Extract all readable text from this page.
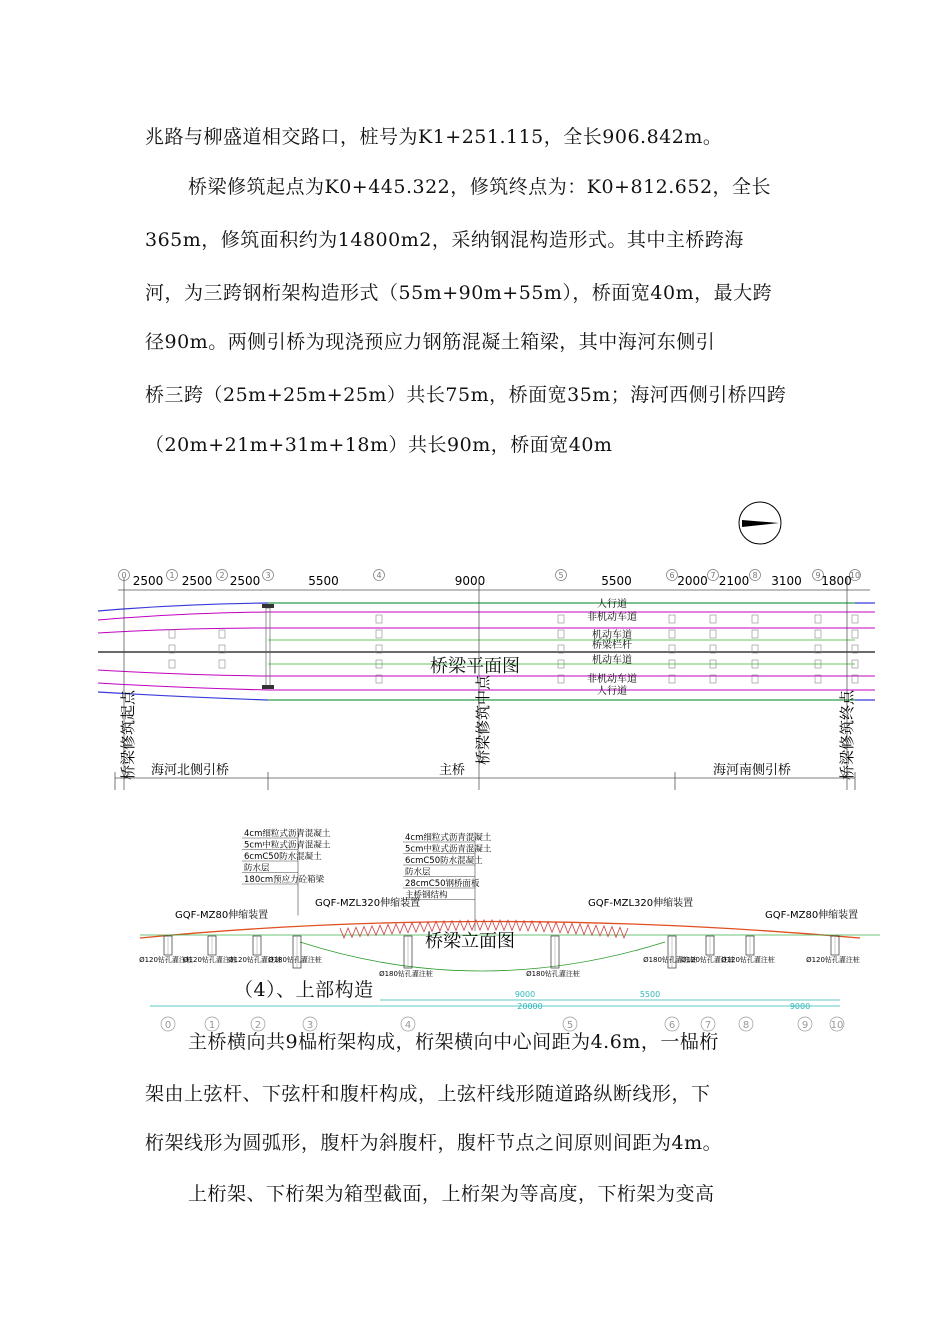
兆路与柳盛道相交路口，桩号为K1+251.115，全长906.842m。
桥梁修筑起点为K0+445.322，修筑终点为：K0+812.652，全长
365m，修筑面积约为14800m2，采纳钢混构造形式。其中主桥跨海
河，为三跨钢桁架构造形式（55m+90m+55m），桥面宽40m，最大跨
径90m。两侧引桥为现浇预应力钢筋混凝土箱梁，其中海河东侧引
桥三跨（25m+25m+25m）共长75m，桥面宽35m；海河西侧引桥四跨
（20m+21m+31m+18m）共长90m，桥面宽40m
0	1	2	3	4	5	6	7	8	9	10
2500 2500 2500	5500	9000	5500	2000 2100 3100 1800
人行道
非机动车道
机动车道
桥梁栏杆
机动车道
非机动车道
人行道
桥梁修筑起点	桥梁修筑中点	桥梁修筑终点
桥梁平面图
海河北侧引桥	主桥	海河南侧引桥
4cm细粒式沥青混凝土
5cm中粒式沥青混凝土
6cmC50防水混凝土
防水层
180cm预应力砼箱梁
4cm细粒式沥青混凝土
5cm中粒式沥青混凝土
6cmC50防水混凝土
防水层
28cmC50钢桥面板
主桥钢结构
GQF-MZ80伸缩装置
GQF-MZL320伸缩装置	GQF-MZL320伸缩装置
GQF-MZ80伸缩装置
Ø120钻孔灌注桩
Ø120钻孔灌注桩
Ø120钻孔灌注桩
Ø180钻孔灌注桩
Ø180钻孔灌注桩	Ø180钻孔灌注桩
Ø180钻孔灌注桩
Ø120钻孔灌注桩
Ø120钻孔灌注桩	Ø120钻孔灌注桩
桥梁立面图
9000	5500
20000	9000
0	1	2	3	4	5	6	7	8	9 10
（4）、上部构造
主桥横向共9榀桁架构成，桁架横向中心间距为4.6m，一榀桁
架由上弦杆、下弦杆和腹杆构成，上弦杆线形随道路纵断线形，下
桁架线形为圆弧形，腹杆为斜腹杆，腹杆节点之间原则间距为4m。
上桁架、下桁架为箱型截面，上桁架为等高度，下桁架为变高
